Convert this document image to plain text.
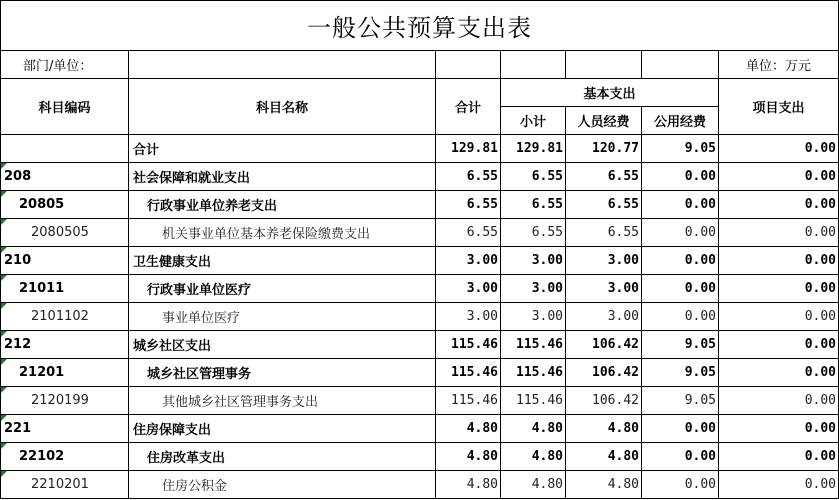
一般公共预算支出表
部门/单位：						单位：万元
科目编码	科目名称	合计	基本支出			项目支出
			小计	人员经费	公用经费	
	合计	129.81	129.81	120.77	9.05	0.00

208	社会保障和就业支出	6.55	6.55	6.55	0.00	0.00

20805	行政事业单位养老支出	6.55	6.55	6.55	0.00	0.00

2080505	机关事业单位基本养老保险缴费支出	6.55	6.55	6.55	0.00	0.00

210	卫生健康支出	3.00	3.00	3.00	0.00	0.00

21011	行政事业单位医疗	3.00	3.00	3.00	0.00	0.00

2101102	事业单位医疗	3.00	3.00	3.00	0.00	0.00

212	城乡社区支出	115.46	115.46	106.42	9.05	0.00

21201	城乡社区管理事务	115.46	115.46	106.42	9.05	0.00

2120199	其他城乡社区管理事务支出	115.46	115.46	106.42	9.05	0.00

221	住房保障支出	4.80	4.80	4.80	0.00	0.00

22102	住房改革支出	4.80	4.80	4.80	0.00	0.00

2210201	住房公积金	4.80	4.80	4.80	0.00	0.00
